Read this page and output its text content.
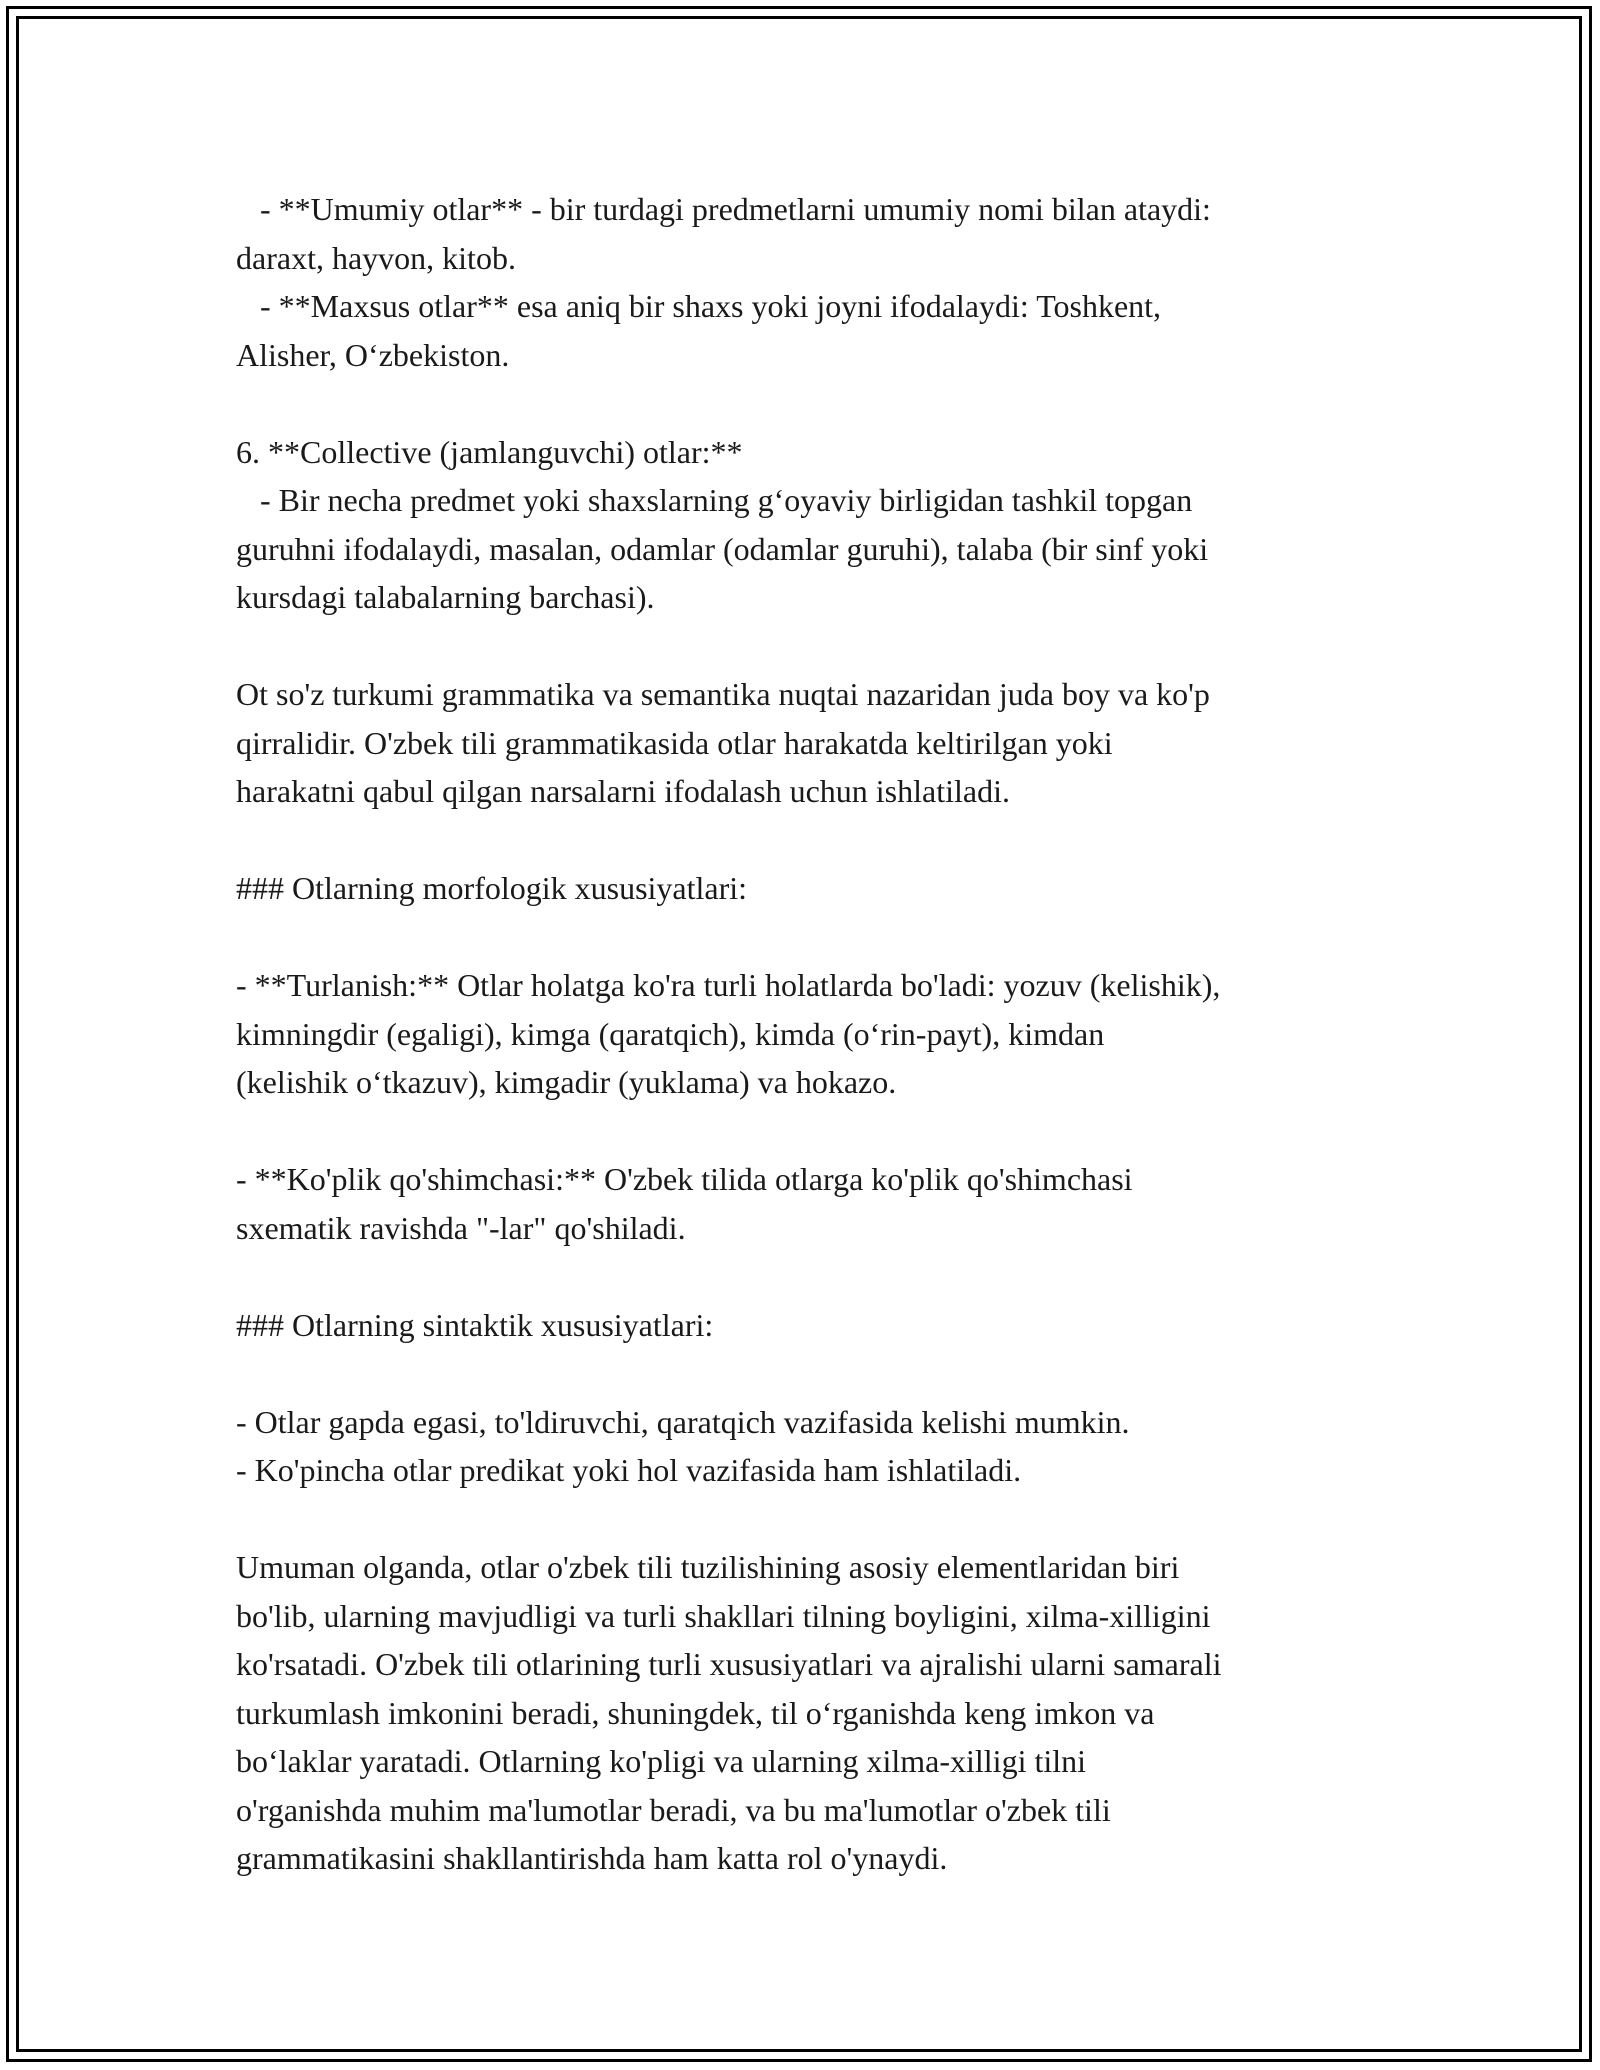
- **Umumiy otlar** - bir turdagi predmetlarni umumiy nomi bilan ataydi:
daraxt, hayvon, kitob.
- **Maxsus otlar** esa aniq bir shaxs yoki joyni ifodalaydi: Toshkent,
Alisher, O‘zbekiston.
6. **Collective (jamlanguvchi) otlar:**
- Bir necha predmet yoki shaxslarning g‘oyaviy birligidan tashkil topgan
guruhni ifodalaydi, masalan, odamlar (odamlar guruhi), talaba (bir sinf yoki
kursdagi talabalarning barchasi).
Ot so'z turkumi grammatika va semantika nuqtai nazaridan juda boy va ko'p
qirralidir. O'zbek tili grammatikasida otlar harakatda keltirilgan yoki
harakatni qabul qilgan narsalarni ifodalash uchun ishlatiladi.
### Otlarning morfologik xususiyatlari:
- **Turlanish:** Otlar holatga ko'ra turli holatlarda bo'ladi: yozuv (kelishik),
kimningdir (egaligi), kimga (qaratqich), kimda (o‘rin-payt), kimdan
(kelishik o‘tkazuv), kimgadir (yuklama) va hokazo.
- **Ko'plik qo'shimchasi:** O'zbek tilida otlarga ko'plik qo'shimchasi
sxematik ravishda "-lar" qo'shiladi.
### Otlarning sintaktik xususiyatlari:
- Otlar gapda egasi, to'ldiruvchi, qaratqich vazifasida kelishi mumkin.
- Ko'pincha otlar predikat yoki hol vazifasida ham ishlatiladi.
Umuman olganda, otlar o'zbek tili tuzilishining asosiy elementlaridan biri
bo'lib, ularning mavjudligi va turli shakllari tilning boyligini, xilma-xilligini
ko'rsatadi. O'zbek tili otlarining turli xususiyatlari va ajralishi ularni samarali
turkumlash imkonini beradi, shuningdek, til o‘rganishda keng imkon va
bo‘laklar yaratadi. Otlarning ko'pligi va ularning xilma-xilligi tilni
o'rganishda muhim ma'lumotlar beradi, va bu ma'lumotlar o'zbek tili
grammatikasini shakllantirishda ham katta rol o'ynaydi.
